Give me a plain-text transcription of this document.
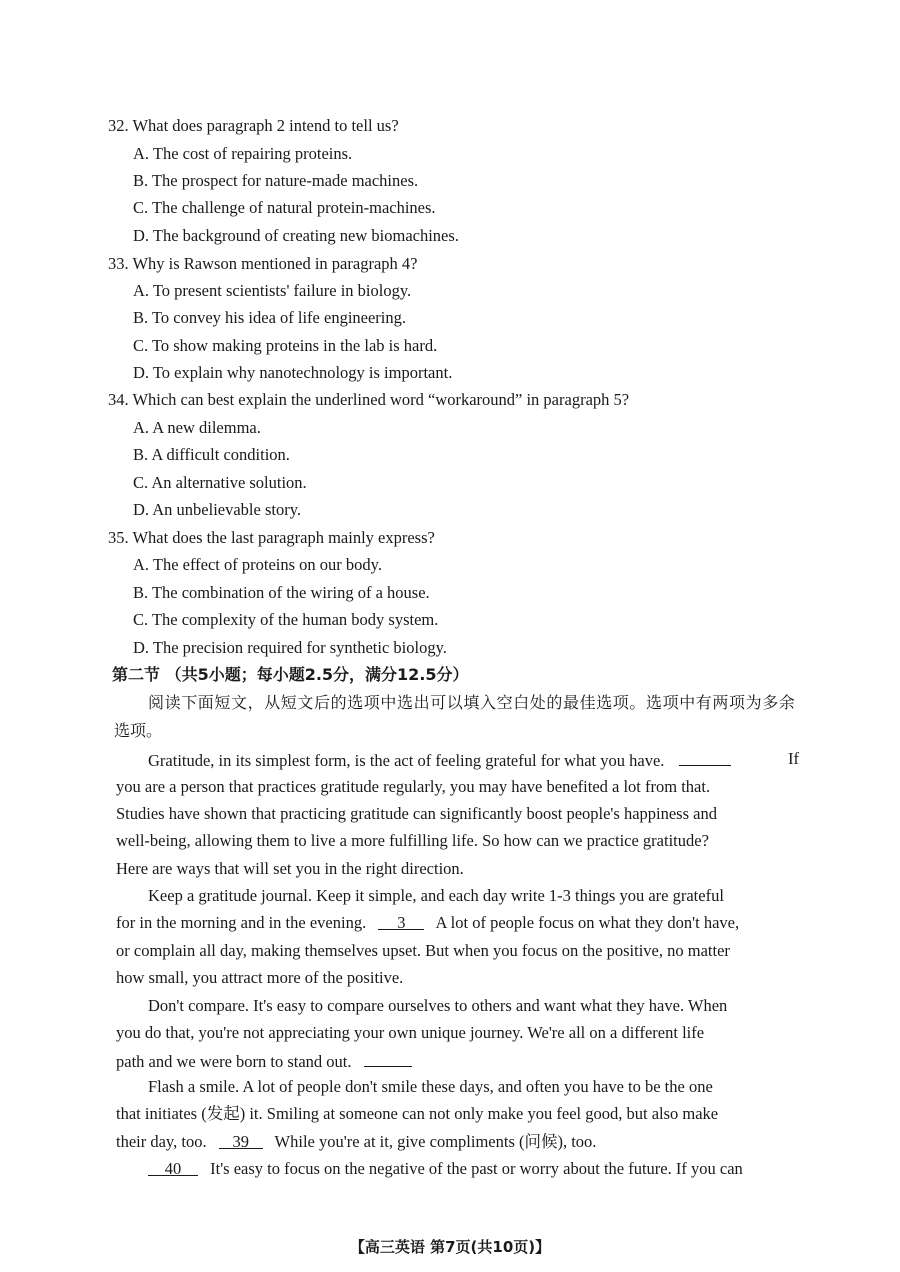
32. What does paragraph 2 intend to tell us?
A. The cost of repairing proteins.
B. The prospect for nature-made machines.
C. The challenge of natural protein-machines.
D. The background of creating new biomachines.
33. Why is Rawson mentioned in paragraph 4?
A. To present scientists' failure in biology.
B. To convey his idea of life engineering.
C. To show making proteins in the lab is hard.
D. To explain why nanotechnology is important.
34. Which can best explain the underlined word “workaround” in paragraph 5?
A. A new dilemma.
B. A difficult condition.
C. An alternative solution.
D. An unbelievable story.
35. What does the last paragraph mainly express?
A. The effect of proteins on our body.
B. The combination of the wiring of a house.
C. The complexity of the human body system.
D. The precision required for synthetic biology.
第二节 （共5小题；每小题2.5分，满分12.5分）
阅读下面短文，从短文后的选项中选出可以填入空白处的最佳选项。选项中有两项为多余
选项。
Gratitude, in its simplest form, is the act of feeling grateful for what you have.	If
you are a person that practices gratitude regularly, you may have benefited a lot from that.
Studies have shown that practicing gratitude can significantly boost people's happiness and
well-being, allowing them to live a more fulfilling life. So how can we practice gratitude?
Here are ways that will set you in the right direction.
Keep a gratitude journal. Keep it simple, and each day write 1-3 things you are grateful
for in the morning and in the evening. 3 A lot of people focus on what they don't have,
or complain all day, making themselves upset. But when you focus on the positive, no matter
how small, you attract more of the positive.
Don't compare. It's easy to compare ourselves to others and want what they have. When
you do that, you're not appreciating your own unique journey. We're all on a different life
path and we were born to stand out.
Flash a smile. A lot of people don't smile these days, and often you have to be the one
that initiates (发起) it. Smiling at someone can not only make you feel good, but also make
their day, too. 39 While you're at it, give compliments (问候), too.
40 It's easy to focus on the negative of the past or worry about the future. If you can
【高三英语 第7页(共10页)】
